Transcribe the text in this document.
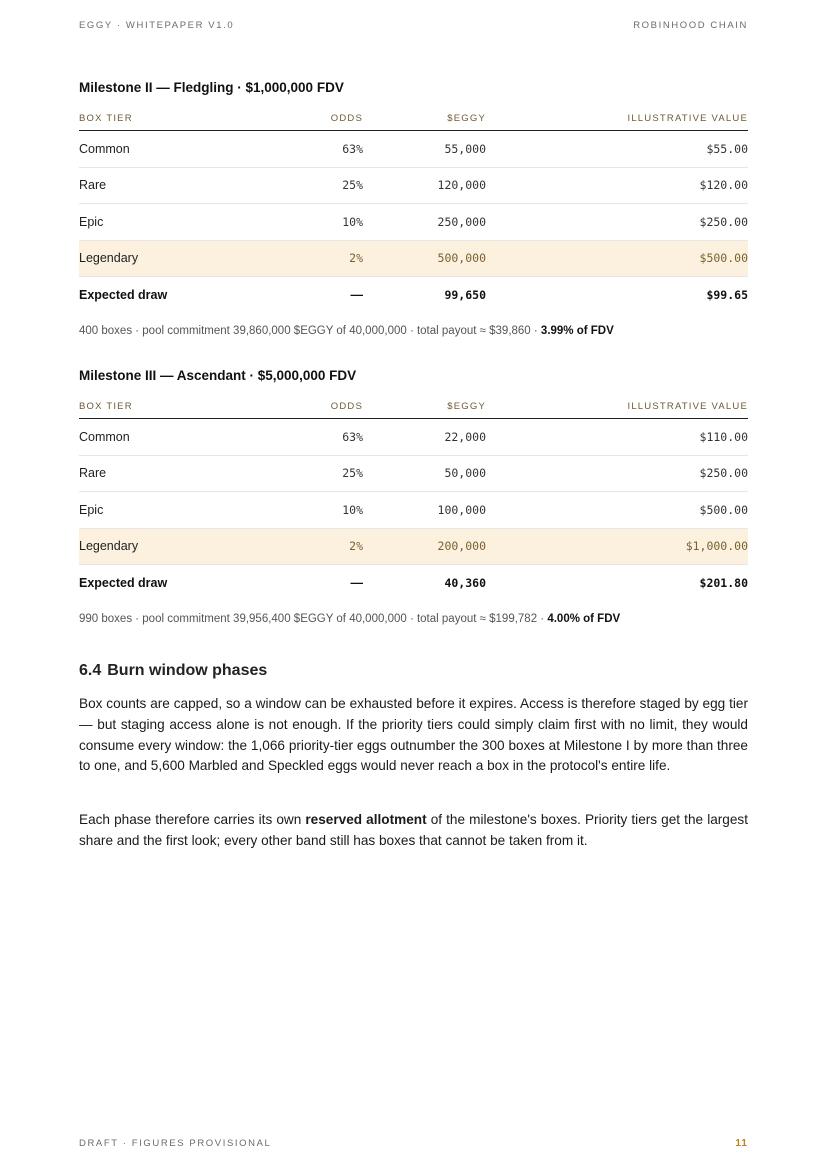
EGGY · WHITEPAPER V1.0	ROBINHOOD CHAIN
Milestone II — Fledgling · $1,000,000 FDV
BOX TIER	ODDS	$EGGY	ILLUSTRATIVE VALUE
Common	63%	55,000	$55.00
Rare	25%	120,000	$120.00
Epic	10%	250,000	$250.00
Legendary	2%	500,000	$500.00
Expected draw	—	99,650	$99.65
400 boxes · pool commitment 39,860,000 $EGGY of 40,000,000 · total payout ≈ $39,860 · 3.99% of FDV
Milestone III — Ascendant · $5,000,000 FDV
BOX TIER	ODDS	$EGGY	ILLUSTRATIVE VALUE
Common	63%	22,000	$110.00
Rare	25%	50,000	$250.00
Epic	10%	100,000	$500.00
Legendary	2%	200,000	$1,000.00
Expected draw	—	40,360	$201.80
990 boxes · pool commitment 39,956,400 $EGGY of 40,000,000 · total payout ≈ $199,782 · 4.00% of FDV
6.4 Burn window phases

Box counts are capped, so a window can be exhausted before it expires. Access is therefore staged by egg tier — but staging access alone is not enough. If the priority tiers could simply claim first with no limit, they would consume every window: the 1,066 priority-tier eggs outnumber the 300 boxes at Milestone I by more than three to one, and 5,600 Marbled and Speckled eggs would never reach a box in the protocol's entire life.

Each phase therefore carries its own reserved allotment of the milestone's boxes. Priority tiers get the largest share and the first look; every other band still has boxes that cannot be taken from it.

DRAFT · FIGURES PROVISIONAL	11
